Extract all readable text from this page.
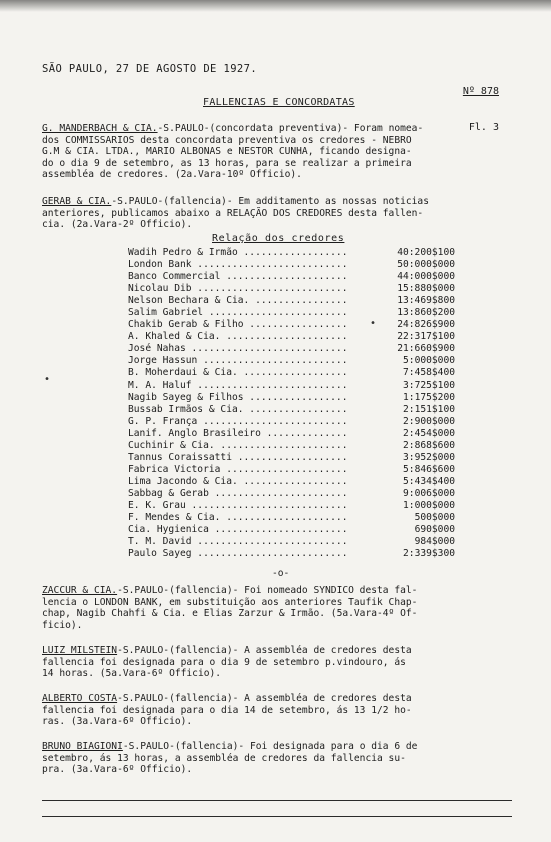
SÃO PAULO, 27 DE AGOSTO DE 1927.

Nº 878

Fl. 3

FALLENCIAS E CONCORDATAS
G. MANDERBACH & CIA.-S.PAULO-(concordata preventiva)- Foram nomea-
dos COMMISSARIOS desta concordata preventiva os credores - NEBRO
G.M & CIA. LTDA., MARIO ALBONAS e NESTOR CUNHA, ficando designa-
do o dia 9 de setembro, as 13 horas, para se realizar a primeira
assembléa de credores. (2a.Vara-10º Officio).
GERAB & CIA.-S.PAULO-(fallencia)- Em additamento as nossas noticias
anteriores, publicamos abaixo a RELAÇÃO DOS CREDORES desta fallen-
cia. (2a.Vara-2º Officio).
Relação dos credores
Wadih Pedro & Irmão ..................	40:200$100
London Bank ..........................	50:000$000
Banco Commercial .....................	44:000$000
Nicolau Dib ..........................	15:880$000
Nelson Bechara & Cia. ................	13:469$800
Salim Gabriel ........................	13:860$200
Chakib Gerab & Filho .................	24:826$900
A. Khaled & Cia. .....................	22:317$100
José Nahas ...........................	21:660$900
Jorge Hassun .........................	5:000$000
B. Moherdaui & Cia. ..................	7:458$400
M. A. Haluf ..........................	3:725$100
Nagib Sayeg & Filhos .................	1:175$200
Bussab Irmãos & Cia. .................	2:151$100
G. P. França .........................	2:900$000
Lanif. Anglo Brasileiro ..............	2:454$000
Cuchinir & Cia. ......................	2:868$600
Tannus Coraissatti ...................	3:952$000
Fabrica Victoria .....................	5:846$600
Lima Jacondo & Cia. ..................	5:434$400
Sabbag & Gerab .......................	9:006$000
E. K. Grau ...........................	1:000$000
F. Mendes & Cia. .....................	500$000
Cia. Hygienica .......................	690$000
T. M. David ..........................	984$000
Paulo Sayeg ..........................	2:339$300
-o-
ZACCUR & CIA.-S.PAULO-(fallencia)- Foi nomeado SYNDICO desta fal-
lencia o LONDON BANK, em substituição aos anteriores Taufik Chap-
chap, Nagib Chahfi & Cia. e Elias Zarzur & Irmão. (5a.Vara-4º Of-
ficio).
LUIZ MILSTEIN-S.PAULO-(fallencia)- A assembléa de credores desta
fallencia foi designada para o dia 9 de setembro p.vindouro, ás
14 horas. (5a.Vara-6º Officio).
ALBERTO COSTA-S.PAULO-(fallencia)- A assembléa de credores desta
fallencia foi designada para o dia 14 de setembro, ás 13 1/2 ho-
ras. (3a.Vara-6º Officio).
BRUNO BIAGIONI-S.PAULO-(fallencia)- Foi designada para o dia 6 de
setembro, ás 13 horas, a assembléa de credores da fallencia su-
pra. (3a.Vara-6º Officio).
•
•
